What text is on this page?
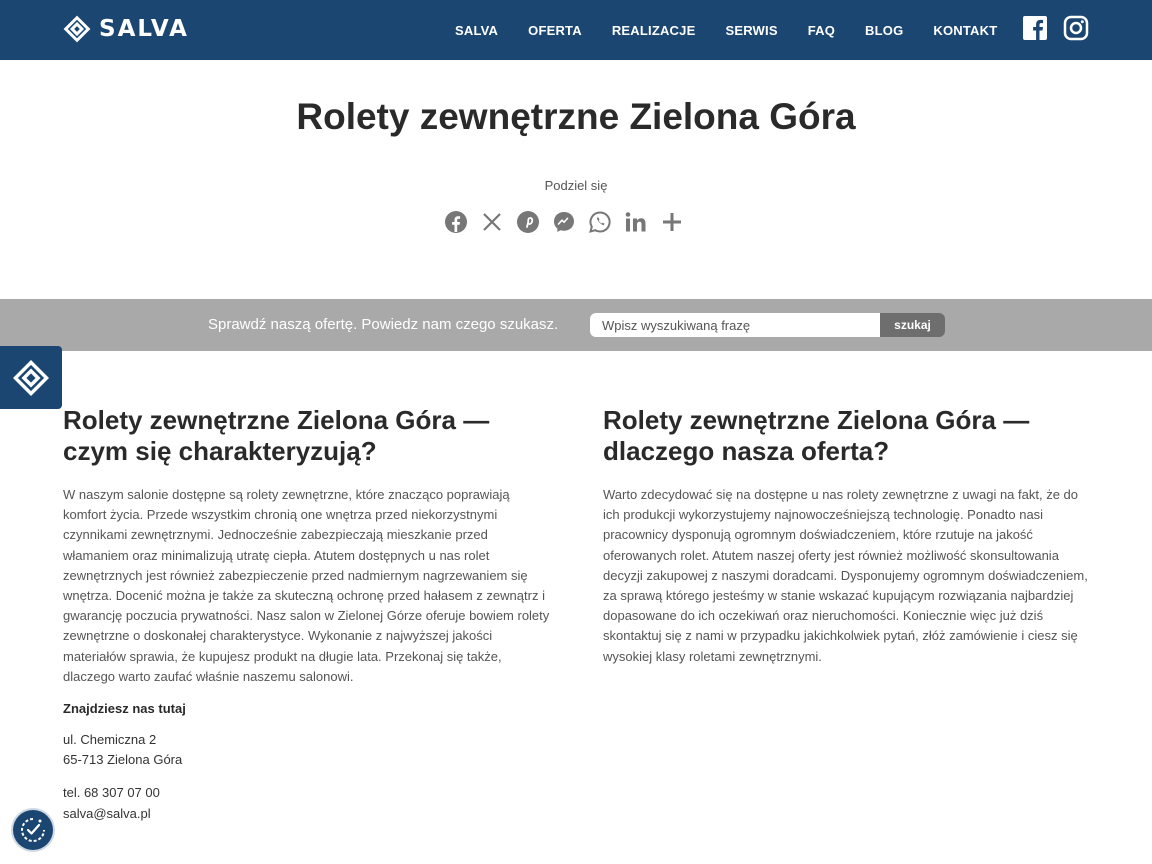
SALVA	SALVA OFERTA REALIZACJE SERWIS FAQ BLOG KONTAKT
Rolety zewnętrzne Zielona Góra
Podziel się
Sprawdź naszą ofertę. Powiedz nam czego szukasz.
Wpisz wyszukiwaną frazę	szukaj
Rolety zewnętrzne Zielona Góra — czym się charakteryzują?

W naszym salonie dostępne są rolety zewnętrzne, które znacząco poprawiają komfort życia. Przede wszystkim chronią one wnętrza przed niekorzystnymi czynnikami zewnętrznymi. Jednocześnie zabezpieczają mieszkanie przed włamaniem oraz minimalizują utratę ciepła. Atutem dostępnych u nas rolet zewnętrznych jest również zabezpieczenie przed nadmiernym nagrzewaniem się wnętrza. Docenić można je także za skuteczną ochronę przed hałasem z zewnątrz i gwarancję poczucia prywatności. Nasz salon w Zielonej Górze oferuje bowiem rolety zewnętrzne o doskonałej charakterystyce. Wykonanie z najwyższej jakości materiałów sprawia, że kupujesz produkt na długie lata. Przekonaj się także, dlaczego warto zaufać właśnie naszemu salonowi.

Znajdziesz nas tutaj
ul. Chemiczna 2
65-713 Zielona Góra
tel. 68 307 07 00
salva@salva.pl
Rolety zewnętrzne Zielona Góra — dlaczego nasza oferta?

Warto zdecydować się na dostępne u nas rolety zewnętrzne z uwagi na fakt, że do ich produkcji wykorzystujemy najnowocześniejszą technologię. Ponadto nasi pracownicy dysponują ogromnym doświadczeniem, które rzutuje na jakość oferowanych rolet. Atutem naszej oferty jest również możliwość skonsultowania decyzji zakupowej z naszymi doradcami. Dysponujemy ogromnym doświadczeniem, za sprawą którego jesteśmy w stanie wskazać kupującym rozwiązania najbardziej dopasowane do ich oczekiwań oraz nieruchomości. Koniecznie więc już dziś skontaktuj się z nami w przypadku jakichkolwiek pytań, złóż zamówienie i ciesz się wysokiej klasy roletami zewnętrznymi.
